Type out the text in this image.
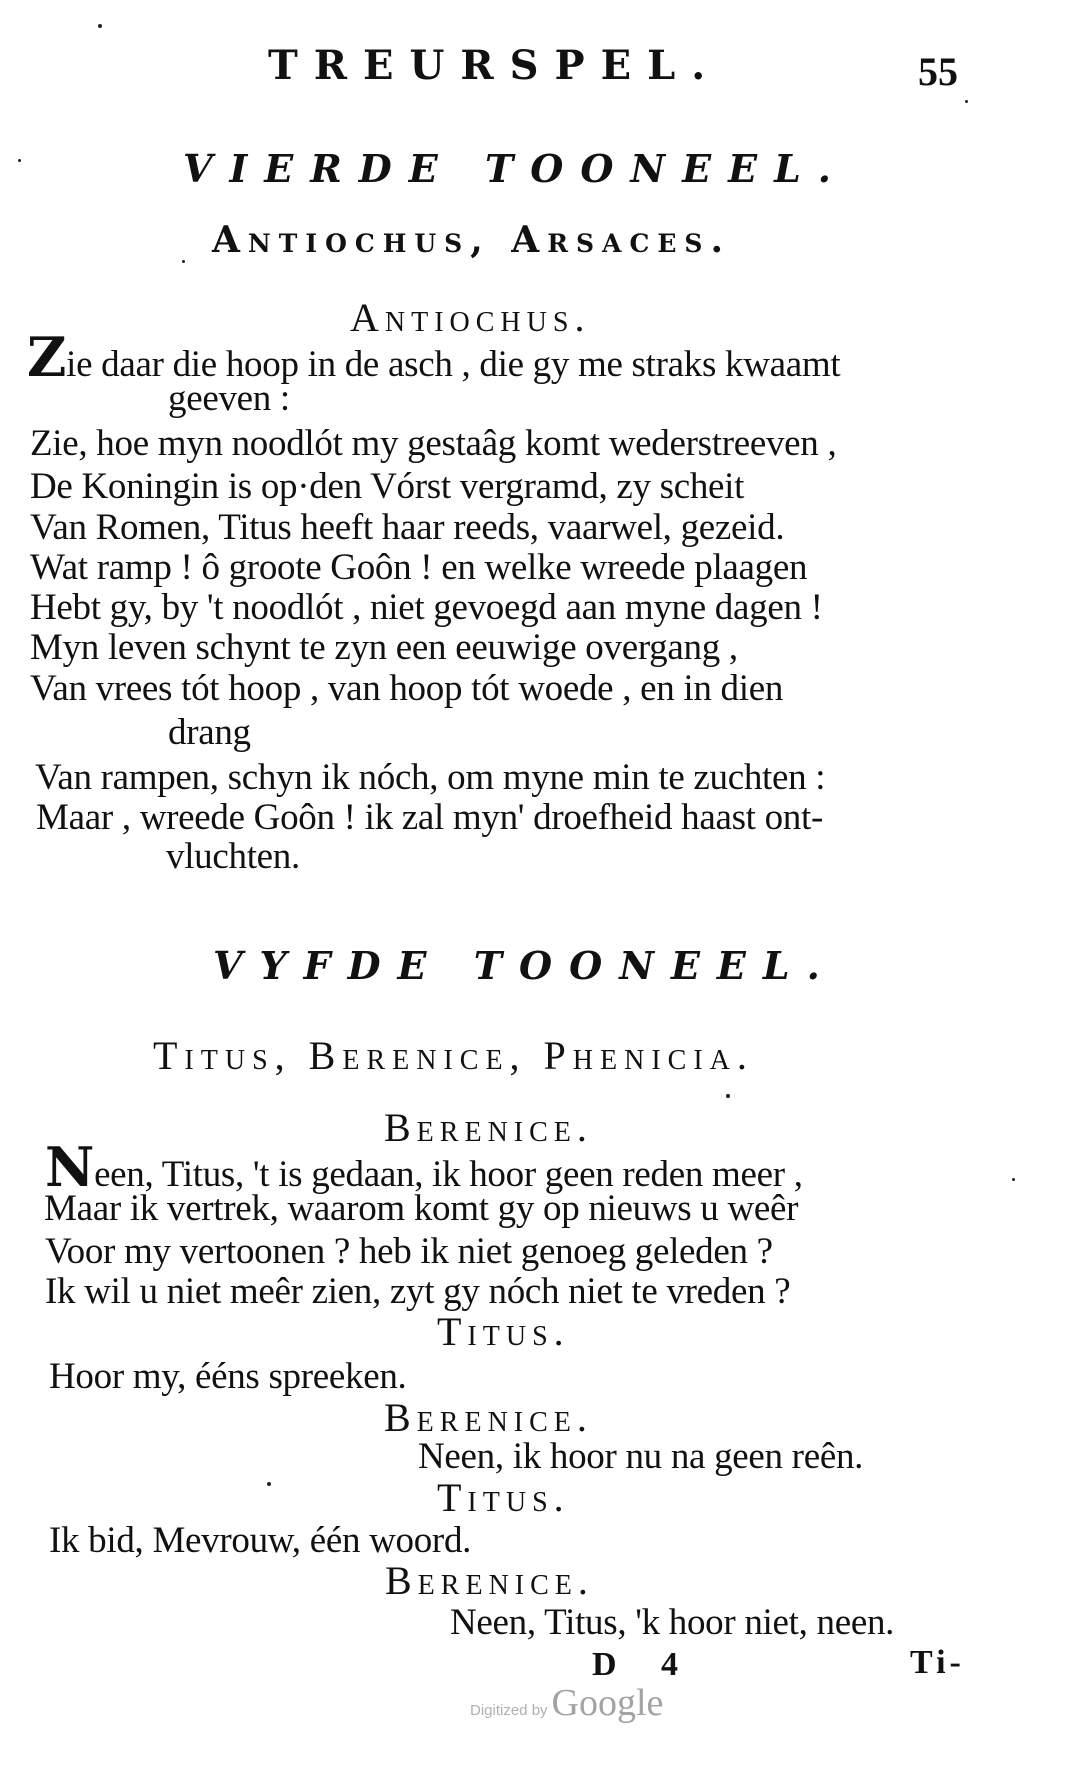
TREURSPEL.	55
VIERDE TOONEEL.
Antiochus, Arsaces.
Antiochus.
Zie daar die hoop in de asch , die gy me straks kwaamt
geeven :
Zie, hoe myn noodlót my gestaâg komt wederstreeven ,
De Koningin is op·den Vórst vergramd, zy scheit
Van Romen, Titus heeft haar reeds, vaarwel, gezeid.
Wat ramp ! ô groote Goôn ! en welke wreede plaagen
Hebt gy, by 't noodlót , niet gevoegd aan myne dagen !
Myn leven schynt te zyn een eeuwige overgang ,
Van vrees tót hoop , van hoop tót woede , en in dien
drang
Van rampen, schyn ik nóch, om myne min te zuchten :
Maar , wreede Goôn ! ik zal myn' droefheid haast ont-
vluchten.
VYFDE TOONEEL.
Titus, Berenice, Phenicia.
Berenice.
Neen, Titus, 't is gedaan, ik hoor geen reden meer ,
Maar ik vertrek, waarom komt gy op nieuws u weêr
Voor my vertoonen ? heb ik niet genoeg geleden ?
Ik wil u niet meêr zien, zyt gy nóch niet te vreden ?
Titus.
Hoor my, ééns spreeken.
Berenice.
Neen, ik hoor nu na geen reên.
Titus.
Ik bid, Mevrouw, één woord.
Berenice.
Neen, Titus, 'k hoor niet, neen.
D 4	Ti-
Digitized by Google
